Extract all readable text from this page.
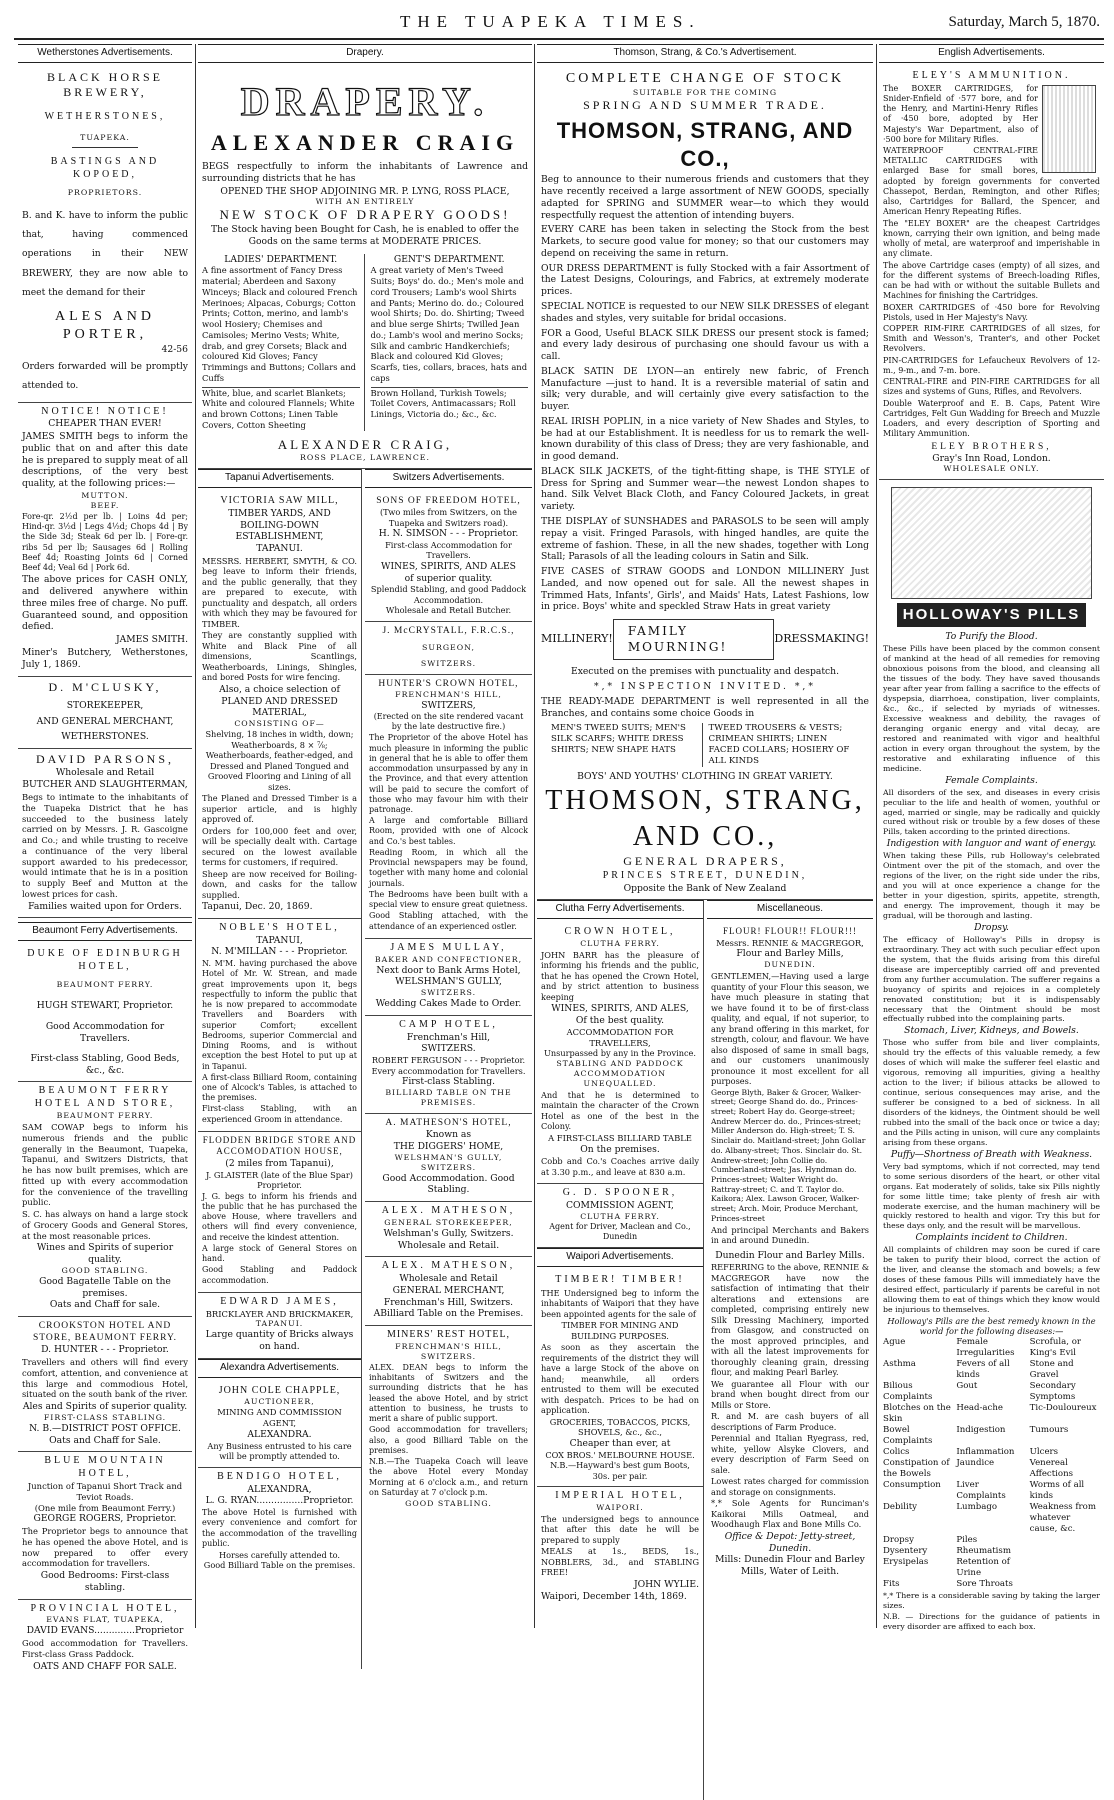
THE TUAPEKA TIMES.	Saturday, March 5, 1870.
Wetherstones Advertisements.
BLACK HORSE BREWERY,
WETHERSTONES,
TUAPEKA.
BASTINGS AND KOPOED,
PROPRIETORS.
B. and K. have to inform the public that, having commenced operations in their NEW BREWERY, they are now able to meet the demand for their
ALES AND PORTER,
42-56
Orders forwarded will be promptly attended to.
NOTICE! NOTICE!
CHEAPER THAN EVER!
JAMES SMITH begs to inform the public that on and after this date he is prepared to supply meat of all descriptions, of the very best quality, at the following prices:—
MUTTON.
BEEF.
Fore-qr. 2½d per lb. | Loins 4d per; Hind-qr. 3½d | Legs 4½d; Chops 4d | By the Side 3d; Steak 6d per lb. | Fore-qr. ribs 5d per lb; Sausages 6d | Rolling Beef 4d; Roasting Joints 6d | Corned Beef 4d; Veal 6d | Pork 6d.
The above prices for CASH ONLY, and delivered anywhere within three miles free of charge. No puff. Guaranteed sound, and opposition defied.
JAMES SMITH.
Miner's Butchery, Wetherstones, July 1, 1869.
D. M'CLUSKY,
STOREKEEPER,
AND GENERAL MERCHANT,
WETHERSTONES.
DAVID PARSONS,
Wholesale and Retail
BUTCHER AND SLAUGHTERMAN,
Begs to intimate to the inhabitants of the Tuapeka District that he has succeeded to the business lately carried on by Messrs. J. R. Gascoigne and Co.; and while trusting to receive a continuance of the very liberal support awarded to his predecessor, would intimate that he is in a position to supply Beef and Mutton at the lowest prices for cash.
Families waited upon for Orders.
Beaumont Ferry Advertisements.
DUKE OF EDINBURGH HOTEL,
BEAUMONT FERRY.
HUGH STEWART, Proprietor.
Good Accommodation for Travellers.
First-class Stabling, Good Beds, &c., &c.
BEAUMONT FERRY HOTEL AND STORE,
BEAUMONT FERRY.
SAM COWAP begs to inform his numerous friends and the public generally in the Beaumont, Tuapeka, Tapanui, and Switzers Districts, that he has now built premises, which are fitted up with every accommodation for the convenience of the travelling public.
S. C. has always on hand a large stock of Grocery Goods and General Stores, at the most reasonable prices.
Wines and Spirits of superior quality.
GOOD STABLING.
Good Bagatelle Table on the premises.
Oats and Chaff for sale.
CROOKSTON HOTEL AND STORE, BEAUMONT FERRY.
D. HUNTER - - - Proprietor.
Travellers and others will find every comfort, attention, and convenience at this large and commodious Hotel, situated on the south bank of the river.
Ales and Spirits of superior quality.
FIRST-CLASS STABLING.
N. B.—DISTRICT POST OFFICE.
Oats and Chaff for Sale.
BLUE MOUNTAIN HOTEL,
Junction of Tapanui Short Track and Teviot Roads.
(One mile from Beaumont Ferry.)
GEORGE ROGERS, Proprietor.
The Proprietor begs to announce that he has opened the above Hotel, and is now prepared to offer every accommodation for travellers.
Good Bedrooms: First-class stabling.
PROVINCIAL HOTEL,
EVANS FLAT, TUAPEKA,
DAVID EVANS..............Proprietor
Good accommodation for Travellers. First-class Grass Paddock.
OATS AND CHAFF FOR SALE.
Drapery.
DRAPERY.
ALEXANDER CRAIG
BEGS respectfully to inform the inhabitants of Lawrence and surrounding districts that he has
OPENED THE SHOP ADJOINING MR. P. LYNG, ROSS PLACE,
WITH AN ENTIRELY
NEW STOCK OF DRAPERY GOODS!
The Stock having been Bought for Cash, he is enabled to offer the Goods on the same terms at MODERATE PRICES.
LADIES' DEPARTMENT.
A fine assortment of Fancy Dress material; Aberdeen and Saxony Winceys; Black and coloured French Merinoes; Alpacas, Coburgs; Cotton Prints; Cotton, merino, and lamb's wool Hosiery; Chemises and Camisoles; Merino Vests; White, drab, and grey Corsets; Black and coloured Kid Gloves; Fancy Trimmings and Buttons; Collars and Cuffs
White, blue, and scarlet Blankets; White and coloured Flannels; White and brown Cottons; Linen Table Covers, Cotton Sheeting
GENT'S DEPARTMENT.
A great variety of Men's Tweed Suits; Boys' do. do.; Men's mole and cord Trousers; Lamb's wool Shirts and Pants; Merino do. do.; Coloured wool Shirts; Do. do. Shirting; Tweed and blue serge Shirts; Twilled Jean do.; Lamb's wool and merino Socks; Silk and cambric Handkerchiefs; Black and coloured Kid Gloves; Scarfs, ties, collars, braces, hats and caps
Brown Holland, Turkish Towels; Toilet Covers, Antimacassars; Roll Linings, Victoria do.; &c., &c.
ALEXANDER CRAIG,
ROSS PLACE, LAWRENCE.
Tapanui Advertisements.
VICTORIA SAW MILL,
TIMBER YARDS, AND
BOILING-DOWN ESTABLISHMENT,
TAPANUI.
MESSRS. HERBERT, SMYTH, & CO. beg leave to inform their friends, and the public generally, that they are prepared to execute, with punctuality and despatch, all orders with which they may be favoured for TIMBER.
They are constantly supplied with White and Black Pine of all dimensions, Scantlings, Weatherboards, Linings, Shingles, and bored Posts for wire fencing.
Also, a choice selection of
PLANED AND DRESSED MATERIAL,
CONSISTING OF—
Shelving, 18 inches in width, down; Weatherboards, 8 × ⅞; Weatherboards, feather-edged, and Dressed and Planed Tongued and Grooved Flooring and Lining of all sizes.
The Planed and Dressed Timber is a superior article, and is highly approved of.
Orders for 100,000 feet and over, will be specially dealt with. Cartage secured on the lowest available terms for customers, if required.
Sheep are now received for Boiling-down, and casks for the tallow supplied.
Tapanui, Dec. 20, 1869.
NOBLE'S HOTEL,
TAPANUI,
N. M'MILLAN - - - Proprietor.
N. M'M. having purchased the above Hotel of Mr. W. Strean, and made great improvements upon it, begs respectfully to inform the public that he is now prepared to accommodate Travellers and Boarders with superior Comfort; excellent Bedrooms, superior Commercial and Dining Rooms, and is without exception the best Hotel to put up at in Tapanui.
A first-class Billiard Room, containing one of Alcock's Tables, is attached to the premises.
First-class Stabling, with an experienced Groom in attendance.
FLODDEN BRIDGE STORE AND ACCOMODATION HOUSE,
(2 miles from Tapanui),
J. GLAISTER (late of the Blue Spar) Proprietor.
J. G. begs to inform his friends and the public that he has purchased the above House, where travellers and others will find every convenience, and receive the kindest attention.
A large stock of General Stores on hand.
Good Stabling and Paddock accommodation.
EDWARD JAMES,
BRICKLAYER AND BRICKMAKER,
TAPANUI.
Large quantity of Bricks always on hand.
Alexandra Advertisements.
JOHN COLE CHAPPLE,
AUCTIONEER,
MINING AND COMMISSION AGENT,
ALEXANDRA.
Any Business entrusted to his care will be promptly attended to.
BENDIGO HOTEL,
ALEXANDRA,
L. G. RYAN................Proprietor.
The above Hotel is furnished with every convenience and comfort for the accommodation of the travelling public.
Horses carefully attended to.
Good Billiard Table on the premises.
Switzers Advertisements.
SONS OF FREEDOM HOTEL,
(Two miles from Switzers, on the Tuapeka and Switzers road).
H. N. SIMSON - - - Proprietor.
First-class Accommodation for Travellers.
WINES, SPIRITS, AND ALES
of superior quality.
Splendid Stabling, and good Paddock Accommodation.
Wholesale and Retail Butcher.
J. McCRYSTALL, F.R.C.S.,
SURGEON,
SWITZERS.
HUNTER'S CROWN HOTEL,
FRENCHMAN'S HILL,
SWITZERS,
(Erected on the site rendered vacant by the late destructive fire.)
The Proprietor of the above Hotel has much pleasure in informing the public in general that he is able to offer them accommodation unsurpassed by any in the Province, and that every attention will be paid to secure the comfort of those who may favour him with their patronage.
A large and comfortable Billiard Room, provided with one of Alcock and Co.'s best tables.
Reading Room, in which all the Provincial newspapers may be found, together with many home and colonial journals.
The Bedrooms have been built with a special view to ensure great quietness.
Good Stabling attached, with the attendance of an experienced ostler.
JAMES MULLAY,
BAKER AND CONFECTIONER,
Next door to Bank Arms Hotel,
WELSHMAN'S GULLY,
SWITZERS.
Wedding Cakes Made to Order.
CAMP HOTEL,
Frenchman's Hill,
SWITZERS.
ROBERT FERGUSON - - - Proprietor.
Every accommodation for Travellers.
First-class Stabling.
BILLIARD TABLE ON THE PREMISES.
A. MATHESON'S HOTEL,
Known as
THE DIGGERS' HOME,
WELSHMAN'S GULLY, SWITZERS.
Good Accommodation. Good Stabling.
ALEX. MATHESON,
GENERAL STOREKEEPER,
Welshman's Gully, Switzers.
Wholesale and Retail.
ALEX. MATHESON,
Wholesale and Retail
GENERAL MERCHANT,
Frenchman's Hill, Switzers.
ABilliard Table on the Premises.
MINERS' REST HOTEL,
FRENCHMAN'S HILL, SWITZERS.
ALEX. DEAN begs to inform the inhabitants of Switzers and the surrounding districts that he has leased the above Hotel, and by strict attention to business, he trusts to merit a share of public support.
Good accommodation for travellers; also, a good Billiard Table on the premises.
N.B.—The Tuapeka Coach will leave the above Hotel every Monday Morning at 6 o'clock a.m., and return on Saturday at 7 o'clock p.m.
GOOD STABLING.
Thomson, Strang, & Co.'s Advertisement.
COMPLETE CHANGE OF STOCK
SUITABLE FOR THE COMING
SPRING AND SUMMER TRADE.
THOMSON, STRANG, AND CO.,
Beg to announce to their numerous friends and customers that they have recently received a large assortment of NEW GOODS, specially adapted for SPRING and SUMMER wear—to which they would respectfully request the attention of intending buyers.
EVERY CARE has been taken in selecting the Stock from the best Markets, to secure good value for money; so that our customers may depend on receiving the same in return.
OUR DRESS DEPARTMENT is fully Stocked with a fair Assortment of the Latest Designs, Colourings, and Fabrics, at extremely moderate prices.
SPECIAL NOTICE is requested to our NEW SILK DRESSES of elegant shades and styles, very suitable for bridal occasions.
FOR a Good, Useful BLACK SILK DRESS our present stock is famed; and every lady desirous of purchasing one should favour us with a call.
BLACK SATIN DE LYON—an entirely new fabric, of French Manufacture —just to hand. It is a reversible material of satin and silk; very durable, and will certainly give every satisfaction to the buyer.
REAL IRISH POPLIN, in a nice variety of New Shades and Styles, to be had at our Establishment. It is needless for us to remark the well-known durability of this class of Dress; they are very fashionable, and in good demand.
BLACK SILK JACKETS, of the tight-fitting shape, is THE STYLE of Dress for Spring and Summer wear—the newest London shapes to hand. Silk Velvet Black Cloth, and Fancy Coloured Jackets, in great variety.
THE DISPLAY of SUNSHADES and PARASOLS to be seen will amply repay a visit. Fringed Parasols, with hinged handles, are quite the extreme of fashion. These, in all the new shades, together with Long Stall; Parasols of all the leading colours in Satin and Silk.
FIVE CASES of STRAW GOODS and LONDON MILLINERY Just Landed, and now opened out for sale. All the newest shapes in Trimmed Hats, Infants', Girls', and Maids' Hats, Latest Fashions, low in price. Boys' white and speckled Straw Hats in great variety
MILLINERY!
FAMILY MOURNING!
DRESSMAKING!
Executed on the premises with punctuality and despatch.
*,* INSPECTION INVITED. *,*
THE READY-MADE DEPARTMENT is well represented in all the Branches, and contains some choice Goods in
MEN'S TWEED SUITS; MEN'S SILK SCARFS; WHITE DRESS SHIRTS; NEW SHAPE HATS
TWEED TROUSERS & VESTS; CRIMEAN SHIRTS; LINEN FACED COLLARS; HOSIERY OF ALL KINDS
BOYS' AND YOUTHS' CLOTHING IN GREAT VARIETY.
THOMSON, STRANG, AND CO.,
GENERAL DRAPERS,
PRINCES STREET, DUNEDIN,
Opposite the Bank of New Zealand
Clutha Ferry Advertisements.
CROWN HOTEL,
CLUTHA FERRY.
JOHN BARR has the pleasure of informing his friends and the public, that he has opened the Crown Hotel, and by strict attention to business keeping
WINES, SPIRITS, AND ALES,
Of the best quality.
ACCOMMODATION FOR TRAVELLERS,
Unsurpassed by any in the Province.
STABLING AND PADDOCK ACCOMMODATION UNEQUALLED.
And that he is determined to maintain the character of the Crown Hotel as one of the best in the Colony.
A FIRST-CLASS BILLIARD TABLE
On the premises.
Cobb and Co.'s Coaches arrive daily at 3.30 p.m., and leave at 830 a.m.
G. D. SPOONER,
COMMISSION AGENT,
CLUTHA FERRY.
Agent for Driver, Maclean and Co., Dunedin
Waipori Advertisements.
TIMBER! TIMBER!
THE Undersigned beg to inform the inhabitants of Waipori that they have been appointed agents for the sale of
TIMBER FOR MINING AND BUILDING PURPOSES.
As soon as they ascertain the requirements of the district they will have a large Stock of the above on hand; meanwhile, all orders entrusted to them will be executed with despatch. Prices to be had on application.
GROCERIES, TOBACCOS, PICKS, SHOVELS, &c., &c.,
Cheaper than ever, at
COX BROS.' MELBOURNE HOUSE.
N.B.—Hayward's best gum Boots, 30s. per pair.
IMPERIAL HOTEL,
WAIPORI.
The undersigned begs to announce that after this date he will be prepared to supply
MEALS at 1s., BEDS, 1s., NOBBLERS, 3d., and STABLING FREE!
JOHN WYLIE.
Waipori, December 14th, 1869.
Miscellaneous.
FLOUR! FLOUR!! FLOUR!!!
Messrs. RENNIE & MACGREGOR,
Flour and Barley Mills,
DUNEDIN.
GENTLEMEN,—Having used a large quantity of your Flour this season, we have much pleasure in stating that we have found it to be of first-class quality, and equal, if not superior, to any brand offering in this market, for strength, colour, and flavour. We have also disposed of same in small bags, and our customers unanimously pronounce it most excellent for all purposes.
George Blyth, Baker & Grocer, Walker-street; George Shand do. do., Princes-street; Robert Hay do. George-street; Andrew Mercer do. do., Princes-street; Miller Anderson do. High-street; T. S. Sinclair do. Maitland-street; John Gollar do. Albany-street; Thos. Sinclair do. St. Andrew-street; John Collie do. Cumberland-street; Jas. Hyndman do. Princes-street; Walter Wright do. Rattray-street; C. and T. Taylor do. Kaikora; Alex. Lawson Grocer, Walker-street; Arch. Moir, Produce Merchant, Princes-street
And principal Merchants and Bakers in and around Dunedin.
Dunedin Flour and Barley Mills.
REFERRING to the above, RENNIE & MACGREGOR have now the satisfaction of intimating that their alterations and extensions are completed, comprising entirely new Silk Dressing Machinery, imported from Glasgow, and constructed on the most approved principles, and with all the latest improvements for thoroughly cleaning grain, dressing flour, and making Pearl Barley.
We guarantee all Flour with our brand when bought direct from our Mills or Store.
R. and M. are cash buyers of all descriptions of Farm Produce.
Perennial and Italian Ryegrass, red, white, yellow Alsyke Clovers, and every description of Farm Seed on sale.
Lowest rates charged for commission and storage on consignments.
*,* Sole Agents for Runciman's Kaikorai Mills Oatmeal, and Woodhaugh Flax and Bone Mills Co.
Office & Depot: Jetty-street, Dunedin.
Mills: Dunedin Flour and Barley Mills, Water of Leith.
English Advertisements.
ELEY'S AMMUNITION.
The BOXER CARTRIDGES, for Snider-Enfield of ·577 bore, and for the Henry, and Martini-Henry Rifles of ·450 bore, adopted by Her Majesty's War Department, also of ·500 bore for Military Rifles.
WATERPROOF CENTRAL-FIRE METALLIC CARTRIDGES with enlarged Base for small bores, adopted by foreign governments for converted Chassepot, Berdan, Remington, and other Rifles; also, Cartridges for Ballard, the Spencer, and American Henry Repeating Rifles.
The "ELEY BOXER" are the cheapest Cartridges known, carrying their own ignition, and being made wholly of metal, are waterproof and imperishable in any climate.
The above Cartridge cases (empty) of all sizes, and for the different systems of Breech-loading Rifles, can be had with or without the suitable Bullets and Machines for finishing the Cartridges.
BOXER CARTRIDGES of ·450 bore for Revolving Pistols, used in Her Majesty's Navy.
COPPER RIM-FIRE CARTRIDGES of all sizes, for Smith and Wesson's, Tranter's, and other Pocket Revolvers.
PIN-CARTRIDGES for Lefaucheux Revolvers of 12-m., 9-m., and 7-m. bore.
CENTRAL-FIRE and PIN-FIRE CARTRIDGES for all sizes and systems of Guns, Rifles, and Revolvers.
Double Waterproof and E. B. Caps, Patent Wire Cartridges, Felt Gun Wadding for Breech and Muzzle Loaders, and every description of Sporting and Military Ammunition.
ELEY BROTHERS,
Gray's Inn Road, London.
WHOLESALE ONLY.
HOLLOWAY'S PILLS
To Purify the Blood.
These Pills have been placed by the common consent of mankind at the head of all remedies for removing obnoxious poisons from the blood, and cleansing all the tissues of the body. They have saved thousands year after year from falling a sacrifice to the effects of dyspepsia, diarrhoea, constipation, liver complaints, &c., &c., if selected by myriads of witnesses. Excessive weakness and debility, the ravages of deranging organic energy and vital decay, are restored and reanimated with vigor and healthful action in every organ throughout the system, by the restorative and exhilarating influence of this medicine.
Female Complaints.
All disorders of the sex, and diseases in every crisis peculiar to the life and health of women, youthful or aged, married or single, may be radically and quickly cured without risk or trouble by a few doses of these Pills, taken according to the printed directions.
Indigestion with languor and want of energy.
When taking these Pills, rub Holloway's celebrated Ointment over the pit of the stomach, and over the regions of the liver, on the right side under the ribs, and you will at once experience a change for the better in your digestion, spirits, appetite, strength, and energy. The improvement, though it may be gradual, will be thorough and lasting.
Dropsy.
The efficacy of Holloway's Pills in dropsy is extraordinary. They act with such peculiar effect upon the system, that the fluids arising from this direful disease are imperceptibly carried off and prevented from any further accumulation. The sufferer regains a buoyancy of spirits and rejoices in a completely renovated constitution; but it is indispensably necessary that the Ointment should be most effectually rubbed into the complaining parts.
Stomach, Liver, Kidneys, and Bowels.
Those who suffer from bile and liver complaints, should try the effects of this valuable remedy, a few doses of which will make the sufferer feel elastic and vigorous, removing all impurities, giving a healthy action to the liver; if bilious attacks be allowed to continue, serious consequences may arise, and the sufferer be consigned to a bed of sickness. In all disorders of the kidneys, the Ointment should be well rubbed into the small of the back once or twice a day; and the Pills acting in unison, will cure any complaints arising from these organs.
Puffy—Shortness of Breath with Weakness.
Very bad symptoms, which if not corrected, may tend to some serious disorders of the heart, or other vital organs. Eat moderately of solids, take six Pills nightly for some little time; take plenty of fresh air with moderate exercise, and the human machinery will be quickly restored to health and vigor. Try this but for these days only, and the result will be marvellous.
Complaints incident to Children.
All complaints of children may soon be cured if care be taken to purify their blood, correct the action of the liver, and cleanse the stomach and bowels; a few doses of these famous Pills will immediately have the desired effect, particularly if parents be careful in not allowing them to eat of things which they know would be injurious to themselves.
Holloway's Pills are the best remedy known in the world for the following diseases:—
Ague	Female Irregularities
Scrofula, or King's Evil
Asthma	Fevers of all kinds
Stone and Gravel
Bilious Complaints
Gout	Secondary Symptoms
Blotches on the Skin
Head-ache	Tic-Douloureux
Bowel Complaints
Indigestion	Tumours
Colics	Inflammation	Ulcers
Constipation of the Bowels
Jaundice	Venereal Affections
Consumption	Liver Complaints
Worms of all kinds
Debility	Lumbago	Weakness from whatever cause, &c.
Dropsy	Piles
Dysentery	Rheumatism
Erysipelas	Retention of Urine
Fits	Sore Throats
*,* There is a considerable saving by taking the larger sizes.
N.B. — Directions for the guidance of patients in every disorder are affixed to each box.
